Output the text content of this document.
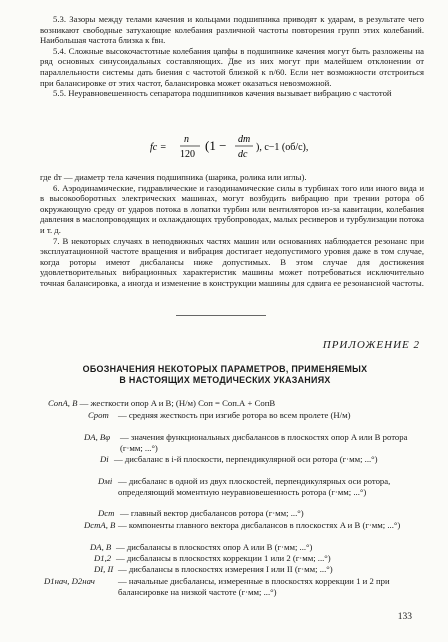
5.3. Зазоры между телами качения и кольцами подшипника приводят к ударам, в результате чего возникают свободные затухающие колебания различной частоты повторения групп этих колебаний. Наибольшая частота близка к fвн.

5.4. Сложные высокочастотные колебания цапфы в подшипнике качения могут быть разложены на ряд основных синусоидальных составляющих. Две из них могут при малейшем отклонении от параллельности системы дать биения с частотой близкой к n/60. Если нет возможности отстроиться при балансировке от этих частот, балансировка может оказаться невозможной.

5.5. Неуравновешенность сепаратора подшипников качения вызывает вибрацию с частотой

fc =
n
120
(1 − dт
dc
), c−1 (об/с),

где dт — диаметр тела качения подшипника (шарика, ролика или иглы).

6. Аэродинамические, гидравлические и газодинамические силы в турбинах того или иного вида и в высокооборотных электрических машинах, могут возбудить вибрацию при трении ротора об окружающую среду от ударов потока в лопатки турбин или вентиляторов из-за кавитации, колебания давления в маслопроводящих и охлаждающих трубопроводах, малых ресиверов и турбулизации потока и т. д.

7. В некоторых случаях в неподвижных частях машин или основаниях наблюдается резонанс при эксплуатационной частоте вращения и вибрация достигает недопустимого уровня даже в том случае, когда роторы имеют дисбалансы ниже допустимых. В этом случае для достижения удовлетворительных вибрационных характеристик машины может потребоваться исключительно точная балансировка, а иногда и изменение в конструкции машины для сдвига ее резонансной частоты.

ПРИЛОЖЕНИЕ 2
ОБОЗНАЧЕНИЯ НЕКОТОРЫХ ПАРАМЕТРОВ, ПРИМЕНЯЕМЫХ
В НАСТОЯЩИХ МЕТОДИЧЕСКИХ УКАЗАНИЯХ
CопA, B — жесткости опор A и B; (Н/м) Cоп = Cоп.А + CопВ
Cрот — средняя жесткость при изгибе ротора во всем пролете (Н/м)
DA, Bφ — значения функциональных дисбалансов в плоскостях опор A или B ротора (г·мм; ...°)
Di — дисбаланс в i-й плоскости, перпендикулярной оси ротора (г·мм; ...°)
Dмi — дисбаланс в одной из двух плоскостей, перпендикулярных оси ротора, определяющий моментную неуравновешенность ротора (г·мм; ...°)
Dст — главный вектор дисбалансов ротора (г·мм; ...°)
DстA, B — компоненты главного вектора дисбалансов в плоскостях A и B (г·мм; ...°)
DA, B — дисбалансы в плоскостях опор A или B (г·мм; ...°)
D1,2 — дисбалансы в плоскостях коррекции 1 или 2 (г·мм; ...°)
DI, II — дисбалансы в плоскостях измерения I или II (г·мм; ...°)
D1нач, D2нач	— начальные дисбалансы, измеренные в плоскостях коррекции 1 и 2 при балансировке на низкой частоте (г·мм; ...°)
133
